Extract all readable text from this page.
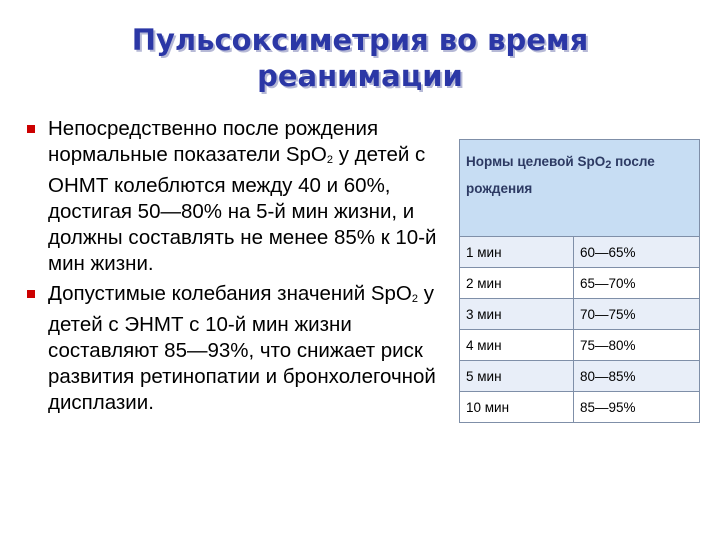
Пульсоксиметрия во время
реанимации
Непосредственно после рождения нормальные показатели SpO$_2$ у детей с ОНМТ колеблются между 40 и 60%, достигая 50—80% на 5-й мин жизни, и должны составлять не менее 85% к 10-й мин жизни.
Допустимые колебания значений SpO$_2$ у детей с ЭНМТ с 10-й мин жизни составляют 85—93%, что снижает риск развития ретинопатии и бронхолегочной дисплазии.
Нормы целевой SpO$_2$ после рождения	
1 мин	60—65%
2 мин	65—70%
3 мин	70—75%
4 мин	75—80%
5 мин	80—85%
10 мин	85—95%
